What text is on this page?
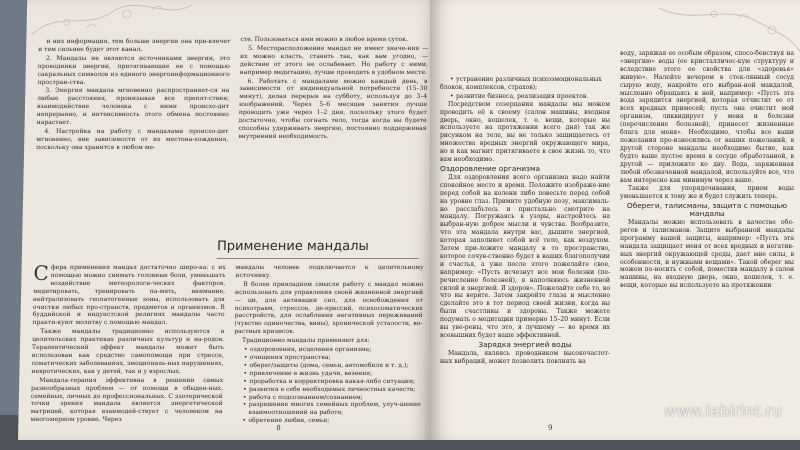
и них информация, тем больше энергии она при-влечет и тем сильнее будет этот канал.

2. Мандалы не являются источниками энергии, это проводники энергии, притягивающие ее с помощью сакральных символов из единого энергоинформационного простран-ства.

3. Энергия мандала мгновенно распространяет-ся на любые расстояния, пронизывая все препят-ствия; взаимодействие человека с ними происхо-дит непрерывно, и интенсивность этого обмена постоянно нарастает.

4. Настройка на работу с мандалами происхо-дит мгновенно, вне зависимости от их местона-хождения, поскольку она хранится в любом ме-

сте. Пользоваться ими можно в любое время суток.

5. Месторасположение мандал не имеет значе-ния — их можно класть, ставить так, как вам угодно, — действие от этого не ослабевает. Но работу с ними, например медитацию, лучше проводить в удобном месте.

6. Работать с мандалами можно каждый день, в зависимости от индивидуальной потребности (15–30 минут), делая перерыв на субботу, используя до 3–4 изображений. Через 5–6 месяцев занятия лучше проводить уже через 1–2 дня, поскольку этого будет достаточно, чтобы согнать тело, тогда когда вы будете способны удерживать энергию, постоянно поддерживая внутренний необходимость.

Применение мандалы

Сфера применения мандал достаточно широ-ка: с их помощью можно снимать головные боли, уменьшать воздействие метеорологи-ческих факторов, медитировать, тренировать па-мять, внимание, нейтрализовать геопатогенные зоны, использовать для очистки любых про-странств, предметов и организмов. В буддийской и индуистской религиях мандалы часто практи-куют молитву с помощью мандал.

Также мандалы традиционно используются в целительских практиках различных культур и на-родов. Терапевтический эффект мандалы может быть использован как средство самопомощи при стрессе, соматических заболеваниях, эмоциональ-ных нарушениях, невротических, как у детей, так и у взрослых.

Мандала-терапия эффективна в решении самых разнообразных проблем — от помощи в обыден-ных, семейных, личных до профессиональных. С эзотерической точки зрения мандала является энергетической матрицей, которая взаимодей-ствует с человеком на многомерном уровне. Через

мандалы человек подключается к целительному источнику.

В более привладном смысле работу с мандал можно использовать для управления своей жизненной энергией — ци, для активации сил, для освобождения от психотравм, стрессов, де-прессий, психосоматических расстройств, для ослабления негативных переживаний (чувство одиночества, вины), хронической усталости, во-растных кризисов.

Традиционно мандалы применяют для:

• оздоровления, исцеления организма;
• очищения пространства;
• оберег/защиты (дома, семьи, автомобиля и т. д.);
• привлечение в жизнь удачи, везения;
• проработка и корректировка какая-либо ситуации;
• развития в себе необходимых личностных качеств;
• работа с подсознанием/сознанием;
• разрешение многих семейных проблем, улуч-шение взаимоотношений на работе;
• обретение любви, семьи;
8
• устранение различных психоэмоциональных

блоков, комплексов, страхов);

• развитие бизнеса, реализация проектов.

Посредством созерцания мандалы мы можем проводить её к своему (салон машины, входная дверь, окно, кошелек, т. е. вещи, которые вы используете на протяжении всего дня) так же рисунком на теле, вы не только защищаетесь от множества вредных энергий окружающего мира, но и как магнит притягиваете в свое жизнь то, что вам необходимо.

Оздоровление организма

Для оздоровления всего организма надо найти спокойное место и время. Положите изображе-ние перед собой на колени либо повесьте перед собой на уровне глаз. Примите удобную позу, максималь-но расслабьтесь и пристально смотрите на мандалу. Погружаясь в узоры, настройтесь на выбран-ную доброе мысли и чувства. Вообразите, что эта мандала внутри вас, дышите энергией, которая заполняет собой всё тело, как воздухом. Затем при-ложите мандалу в то пространство, которое сочув-ственно будет в ваших благополучии и счастья, а уже после этого пожелайте свое, например: «Пусть исчезнут все мои болезни (пе-речисление болезней), я наполняюсь жизненной силой и энергией. Я здоров». Пожелайте себе то, во что вы верите. Затем закройте глаза и мысленно сделайте это в тот период своей жизни, когда вы были счастливы и здоровы. Также можете подумать о медитации примерно 15–20 минут. Если вы уве-рены, что это, я лучшему — во время их всевышних будет ваше эффективней.

Зарядка энергией воды

Мандала, являясь проводником высокочастот-ных вибраций, может позволить повлиять на

воду, заряжая ее особым образом, спосо-бенствуя на «энергию» воды (ее кристалличес-кую структуру и вследствие этого ее свойства для «здоровья» живую». Налейте вечером в стек-лянный сосуд сырую воду, накройте его выбран-ной мандалой, мысленно обращаясь к ней, например: «Пусть эта вода зарядится энергией, которая отчистит ее от всех вредных примесей; пусть она очистит мой организм, ликвидирует у меня и болезни (перечисление болезней), принесет жизненные блага для меня». Необходимо, чтобы все ваши пожелания про-износились от ваших пожеланий, в другой стороне мандалы необходимо бытие, как будто ваше пустое время в сосуде обработанной, в другой — приложите ко дну. Вода, заряженная любой обозначенной мандалой, используйте все, что вам интересно как минимум через ваше.

Также для упорядочивания, прием воды уменьшается к тому же и будет служить теперь.

Обереги, талисманы, защита с помощью мандалы

Мандалы можно использовать в качестве обе-регов и талисманов. Защите выбранной мандалы программу вашей защиты, например: «Пусть эта мандала защищает меня от всех вредных и негатив-ных энергий окружающей среды, дает мне силы, в особенности, и нужными вещами». Такой оберег мы можем по-носить с собой, поместив мандалу в салон машины, на входную дверь, окно, кошелек, т. е. вещи, которые вы используете на протяжении

9
www.labirint.ru
